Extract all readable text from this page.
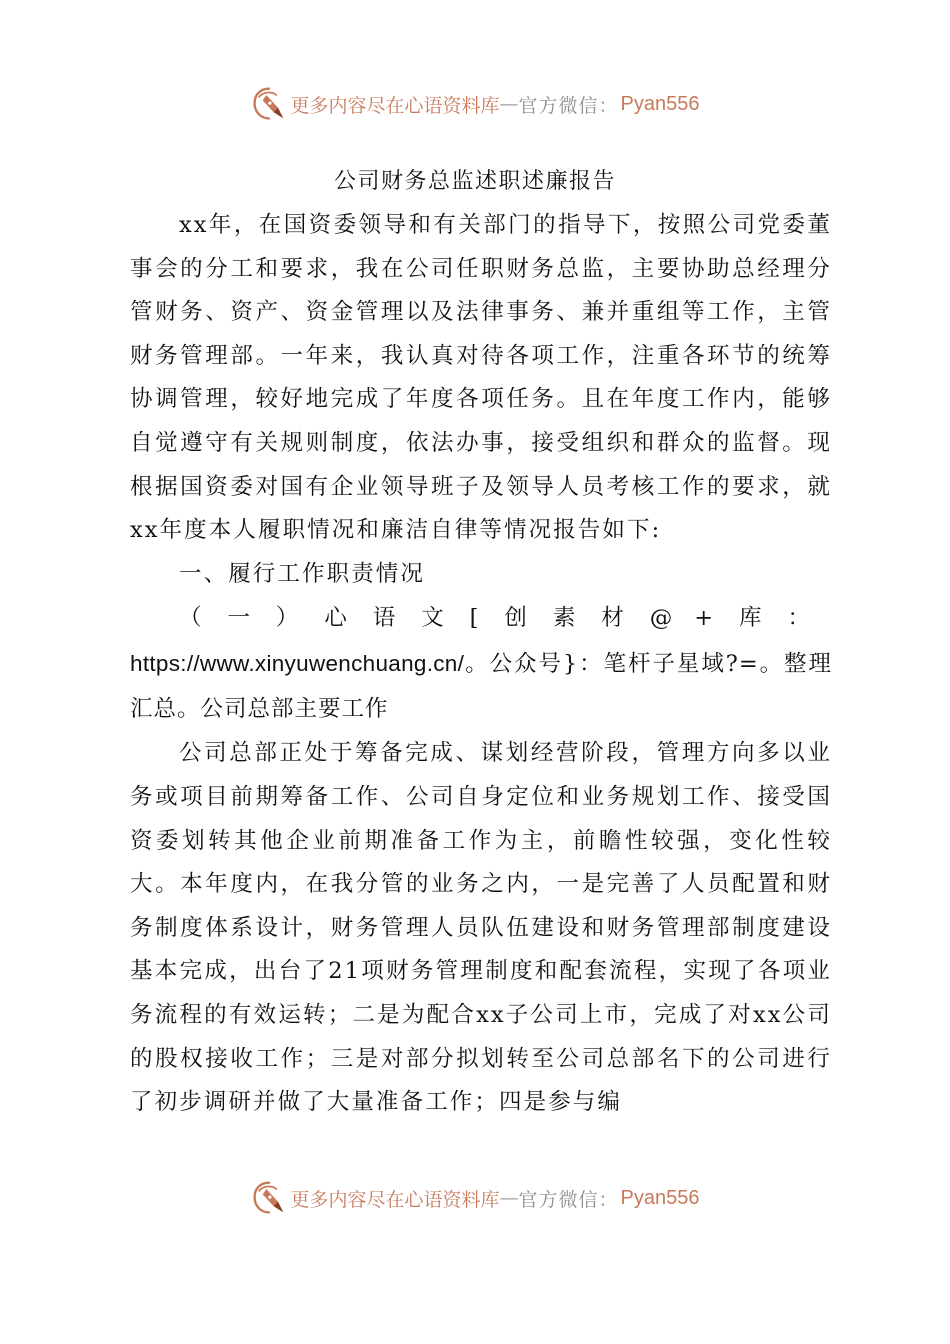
更多内容尽在心语资料库 — 官方微信： Pyan556
公司财务总监述职述廉报告

xx年，在国资委领导和有关部门的指导下，按照公司党委董事会的分工和要求，我在公司任职财务总监，主要协助总经理分管财务、资产、资金管理以及法律事务、兼并重组等工作，主管财务管理部。一年来，我认真对待各项工作，注重各环节的统筹协调管理，较好地完成了年度各项任务。且在年度工作内，能够自觉遵守有关规则制度，依法办事，接受组织和群众的监督。现根据国资委对国有企业领导班子及领导人员考核工作的要求，就xx年度本人履职情况和廉洁自律等情况报告如下:

一、履行工作职责情况

（一）心语文[创素材@+库：https://www.xinyuwenchuang.cn/。公众号}：笔杆子星域?=。整理汇总。公司总部主要工作

公司总部正处于筹备完成、谋划经营阶段，管理方向多以业务或项目前期筹备工作、公司自身定位和业务规划工作、接受国资委划转其他企业前期准备工作为主，前瞻性较强，变化性较大。本年度内，在我分管的业务之内，一是完善了人员配置和财务制度体系设计，财务管理人员队伍建设和财务管理部制度建设基本完成，出台了21项财务管理制度和配套流程，实现了各项业务流程的有效运转；二是为配合xx子公司上市，完成了对xx公司的股权接收工作；三是对部分拟划转至公司总部名下的公司进行了初步调研并做了大量准备工作；四是参与编

更多内容尽在心语资料库 — 官方微信： Pyan556
